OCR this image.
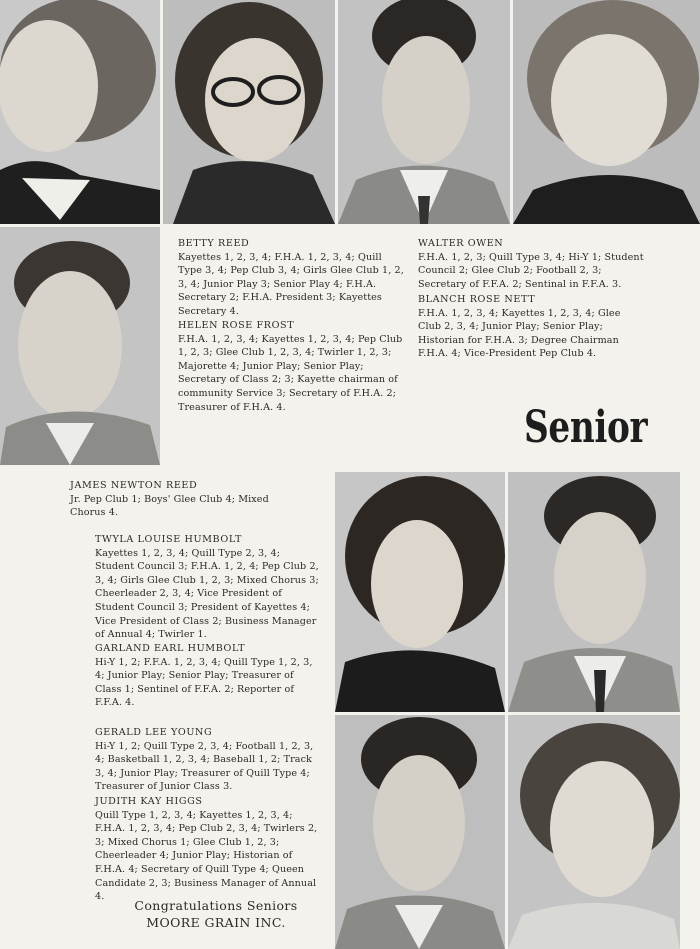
BETTY REED
Kayettes 1, 2, 3, 4; F.H.A. 1, 2, 3, 4; Quill Type 3, 4; Pep Club 3, 4; Girls Glee Club 1, 2, 3, 4; Junior Play 3; Senior Play 4; F.H.A. Secretary 2; F.H.A. President 3; Kayettes Secretary 4.
HELEN ROSE FROST
F.H.A. 1, 2, 3, 4; Kayettes 1, 2, 3, 4; Pep Club 1, 2, 3; Glee Club 1, 2, 3, 4; Twirler 1, 2, 3; Majorette 4; Junior Play; Senior Play; Secretary of Class 2; 3; Kayette chairman of community Service 3; Secretary of F.H.A. 2; Treasurer of F.H.A. 4.
WALTER OWEN
F.H.A. 1, 2, 3; Quill Type 3, 4; Hi-Y 1; Student Council 2; Glee Club 2; Football 2, 3; Secretary of F.F.A. 2; Sentinal in F.F.A. 3.
BLANCH ROSE NETT
F.H.A. 1, 2, 3, 4; Kayettes 1, 2, 3, 4; Glee Club 2, 3, 4; Junior Play; Senior Play; Historian for F.H.A. 3; Degree Chairman F.H.A. 4; Vice-President Pep Club 4.
Senior
JAMES NEWTON REED
Jr. Pep Club 1; Boys' Glee Club 4; Mixed Chorus 4.
TWYLA LOUISE HUMBOLT
Kayettes 1, 2, 3, 4; Quill Type 2, 3, 4; Student Council 3; F.H.A. 1, 2, 4; Pep Club 2, 3, 4; Girls Glee Club 1, 2, 3; Mixed Chorus 3; Cheerleader 2, 3, 4; Vice President of Student Council 3; President of Kayettes 4; Vice President of Class 2; Business Manager of Annual 4; Twirler 1.
GARLAND EARL HUMBOLT
Hi-Y 1, 2; F.F.A. 1, 2, 3, 4; Quill Type 1, 2, 3, 4; Junior Play; Senior Play; Treasurer of Class 1; Sentinel of F.F.A. 2; Reporter of F.F.A. 4.
GERALD LEE YOUNG
Hi-Y 1, 2; Quill Type 2, 3, 4; Football 1, 2, 3, 4; Basketball 1, 2, 3, 4; Baseball 1, 2; Track 3, 4; Junior Play; Treasurer of Quill Type 4; Treasurer of Junior Class 3.
JUDITH KAY HIGGS
Quill Type 1, 2, 3, 4; Kayettes 1, 2, 3, 4; F.H.A. 1, 2, 3, 4; Pep Club 2, 3, 4; Twirlers 2, 3; Mixed Chorus 1; Glee Club 1, 2, 3; Cheerleader 4; Junior Play; Historian of F.H.A. 4; Secretary of Quill Type 4; Queen Candidate 2, 3; Business Manager of Annual 4.
Congratulations Seniors
MOORE GRAIN INC.
